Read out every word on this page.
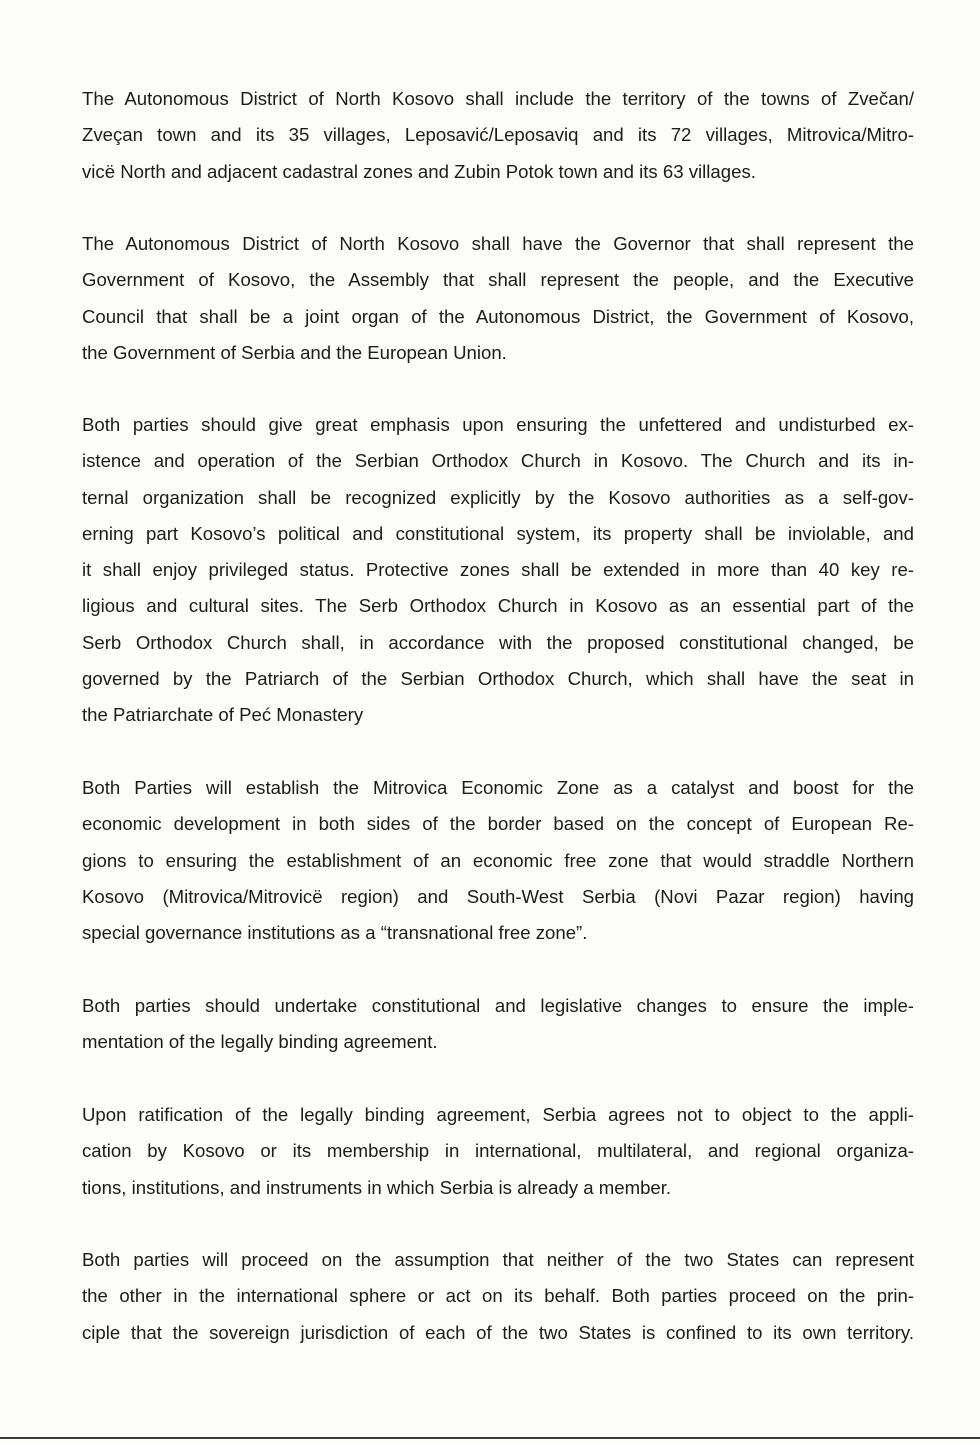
The Autonomous District of North Kosovo shall include the territory of the towns of Zvečan/
Zveçan town and its 35 villages, Leposavić/Leposaviq and its 72 villages, Mitrovica/Mitro-
vicë North and adjacent cadastral zones and Zubin Potok town and its 63 villages.
The Autonomous District of North Kosovo shall have the Governor that shall represent the
Government of Kosovo, the Assembly that shall represent the people, and the Executive
Council that shall be a joint organ of the Autonomous District, the Government of Kosovo,
the Government of Serbia and the European Union.
Both parties should give great emphasis upon ensuring the unfettered and undisturbed ex-
istence and operation of the Serbian Orthodox Church in Kosovo. The Church and its in-
ternal organization shall be recognized explicitly by the Kosovo authorities as a self-gov-
erning part Kosovo’s political and constitutional system, its property shall be inviolable, and
it shall enjoy privileged status. Protective zones shall be extended in more than 40 key re-
ligious and cultural sites. The Serb Orthodox Church in Kosovo as an essential part of the
Serb Orthodox Church shall, in accordance with the proposed constitutional changed, be
governed by the Patriarch of the Serbian Orthodox Church, which shall have the seat in
the Patriarchate of Peć Monastery
Both Parties will establish the Mitrovica Economic Zone as a catalyst and boost for the
economic development in both sides of the border based on the concept of European Re-
gions to ensuring the establishment of an economic free zone that would straddle Northern
Kosovo (Mitrovica/Mitrovicë region) and South-West Serbia (Novi Pazar region) having
special governance institutions as a “transnational free zone”.
Both parties should undertake constitutional and legislative changes to ensure the imple-
mentation of the legally binding agreement.
Upon ratification of the legally binding agreement, Serbia agrees not to object to the appli-
cation by Kosovo or its membership in international, multilateral, and regional organiza-
tions, institutions, and instruments in which Serbia is already a member.
Both parties will proceed on the assumption that neither of the two States can represent
the other in the international sphere or act on its behalf. Both parties proceed on the prin-
ciple that the sovereign jurisdiction of each of the two States is confined to its own territory.
